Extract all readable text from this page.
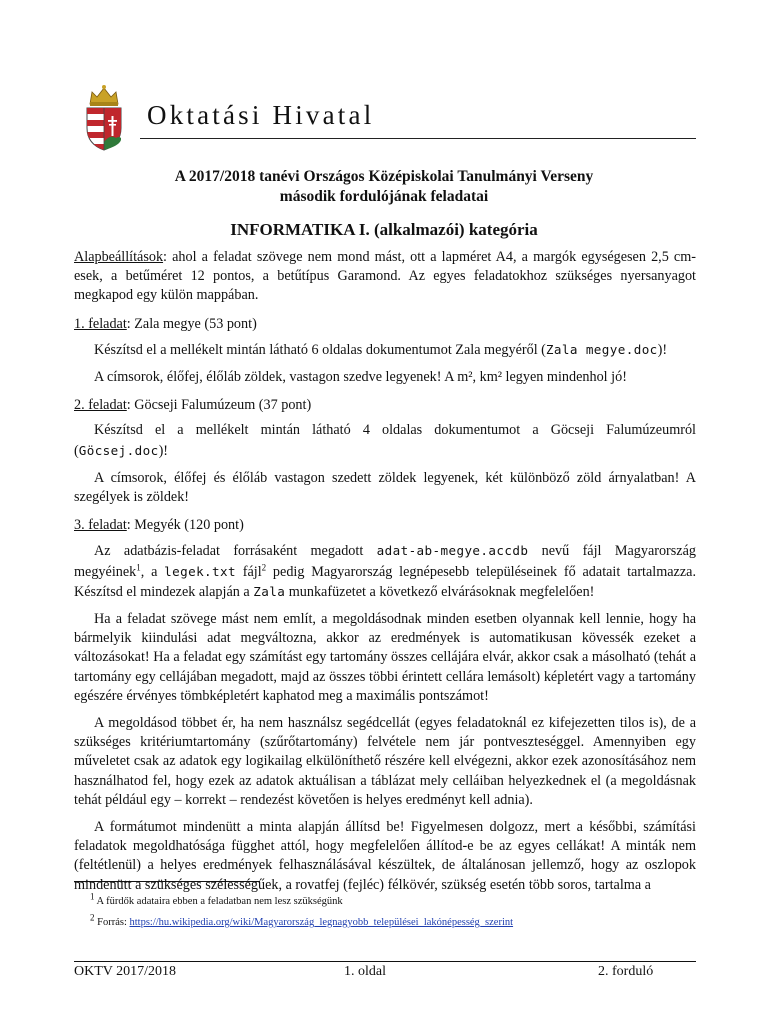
Oktatási Hivatal
A 2017/2018 tanévi Országos Középiskolai Tanulmányi Verseny
második fordulójának feladatai
INFORMATIKA I. (alkalmazói) kategória

Alapbeállítások: ahol a feladat szövege nem mond mást, ott a lapméret A4, a margók egységesen 2,5 cm-esek, a betűméret 12 pontos, a betűtípus Garamond. Az egyes feladatokhoz szükséges nyersanyagot megkapod egy külön mappában.

1. feladat: Zala megye (53 pont)

Készítsd el a mellékelt mintán látható 6 oldalas dokumentumot Zala megyéről (Zala megye.doc)!

A címsorok, élőfej, élőláb zöldek, vastagon szedve legyenek! A m², km² legyen mindenhol jó!

2. feladat: Göcseji Falumúzeum (37 pont)

Készítsd el a mellékelt mintán látható 4 oldalas dokumentumot a Göcseji Falumúzeumról (Göcsej.doc)!

A címsorok, élőfej és élőláb vastagon szedett zöldek legyenek, két különböző zöld árnyalatban! A szegélyek is zöldek!

3. feladat: Megyék (120 pont)

Az adatbázis-feladat forrásaként megadott adat-ab-megye.accdb nevű fájl Magyarország megyéinek$^1$, a legek.txt fájl$^2$ pedig Magyarország legnépesebb településeinek fő adatait tartalmazza. Készítsd el mindezek alapján a Zala munkafüzetet a következő elvárásoknak megfelelően!

Ha a feladat szövege mást nem említ, a megoldásodnak minden esetben olyannak kell lennie, hogy ha bármelyik kiindulási adat megváltozna, akkor az eredmények is automatikusan kövessék ezeket a változásokat! Ha a feladat egy számítást egy tartomány összes cellájára elvár, akkor csak a másolható (tehát a tartomány egy cellájában megadott, majd az összes többi érintett cellára lemásolt) képletért vagy a tartomány egészére érvényes tömbképletért kaphatod meg a maximális pontszámot!

A megoldásod többet ér, ha nem használsz segédcellát (egyes feladatoknál ez kifejezetten tilos is), de a szükséges kritériumtartomány (szűrőtartomány) felvétele nem jár pontveszteséggel. Amennyiben egy műveletet csak az adatok egy logikailag elkülöníthető részére kell elvégezni, akkor ezek azonosításához nem használhatod fel, hogy ezek az adatok aktuálisan a táblázat mely celláiban helyezkednek el (a megoldásnak tehát például egy – korrekt – rendezést követően is helyes eredményt kell adnia).

A formátumot mindenütt a minta alapján állítsd be! Figyelmesen dolgozz, mert a későbbi, számítási feladatok megoldhatósága függhet attól, hogy megfelelően állítod-e be az egyes cellákat! A minták nem (feltétlenül) a helyes eredmények felhasználásával készültek, de általánosan jellemző, hogy az oszlopok mindenütt a szükséges szélességűek, a rovatfej (fejléc) félkövér, szükség esetén több soros, tartalma a

$^1$ A fürdők adataira ebben a feladatban nem lesz szükségünk
$^2$ Forrás: https://hu.wikipedia.org/wiki/Magyarország_legnagyobb_települései_lakónépesség_szerint
OKTV 2017/2018	1. oldal	2. forduló
